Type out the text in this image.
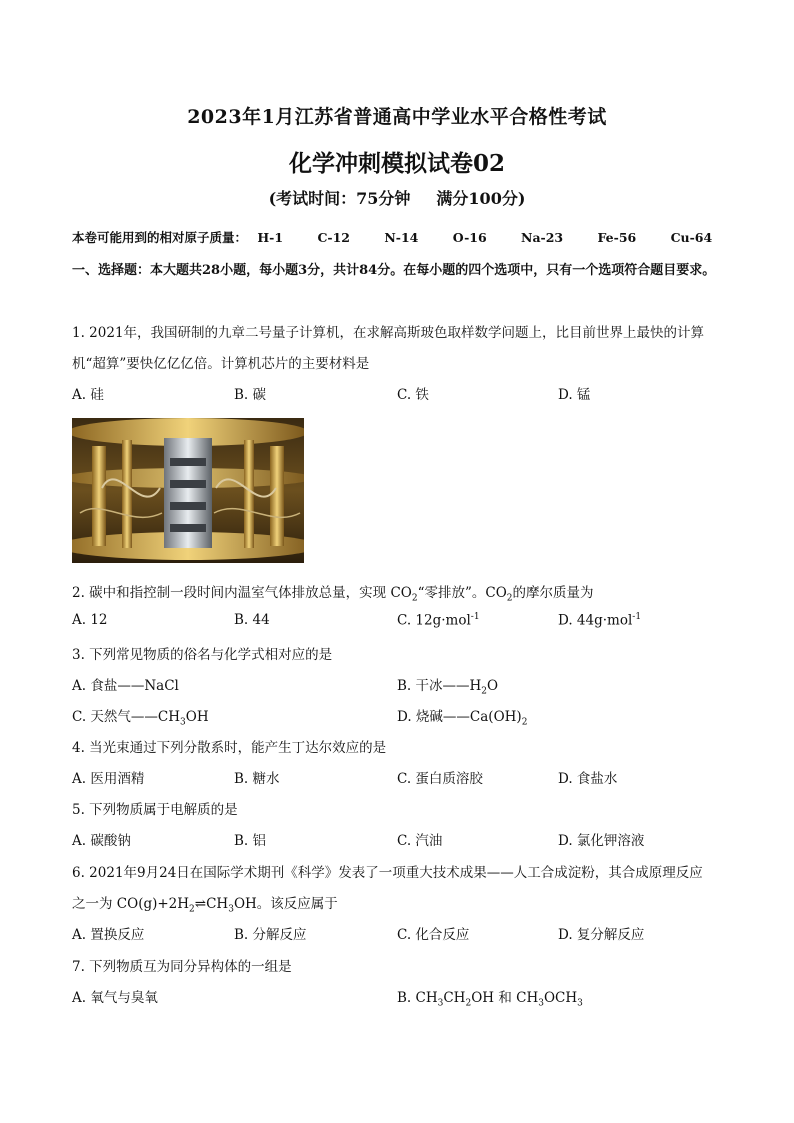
2023年1月江苏省普通高中学业水平合格性考试
化学冲刺模拟试卷02
(考试时间：75分钟 满分100分)
本卷可能用到的相对原子质量： H-1	C-12	N-14	O-16	Na-23	Fe-56	Cu-64
一、选择题：本大题共28小题，每小题3分，共计84分。在每小题的四个选项中，只有一个选项符合题目要求。
1. 2021年，我国研制的九章二号量子计算机，在求解高斯玻色取样数学问题上，比目前世界上最快的计算
机“超算”要快亿亿亿倍。计算机芯片的主要材料是
A. 硅	B. 碳	C. 铁	D. 锰
2. 碳中和指控制一段时间内温室气体排放总量，实现 $CO_2“$零排放”。$CO_2$的摩尔质量为
A. 12	B. 44	C. 12g·mol$^{-1}$	D. 44g·mol$^{-1}$
3. 下列常见物质的俗名与化学式相对应的是
A. 食盐——NaCl	B. 干冰$——H_2O$
C. 天然气$——CH_3OH$	D. 烧碱$——Ca(OH)_2$
4. 当光束通过下列分散系时，能产生丁达尔效应的是
A. 医用酒精	B. 糖水	C. 蛋白质溶胶	D. 食盐水
5. 下列物质属于电解质的是
A. 碳酸钠	B. 铝	C. 汽油	D. 氯化钾溶液
6. 2021年9月24日在国际学术期刊《科学》发表了一项重大技术成果——人工合成淀粉，其合成原理反应
之一为 $CO(g)+2H_2\rightleftharpoons CH_3OH$。该反应属于
A. 置换反应	B. 分解反应	C. 化合反应	D. 复分解反应
7. 下列物质互为同分异构体的一组是
A. 氧气与臭氧	B. $CH_3CH_2OH$ 和 $CH_3OCH_3$
